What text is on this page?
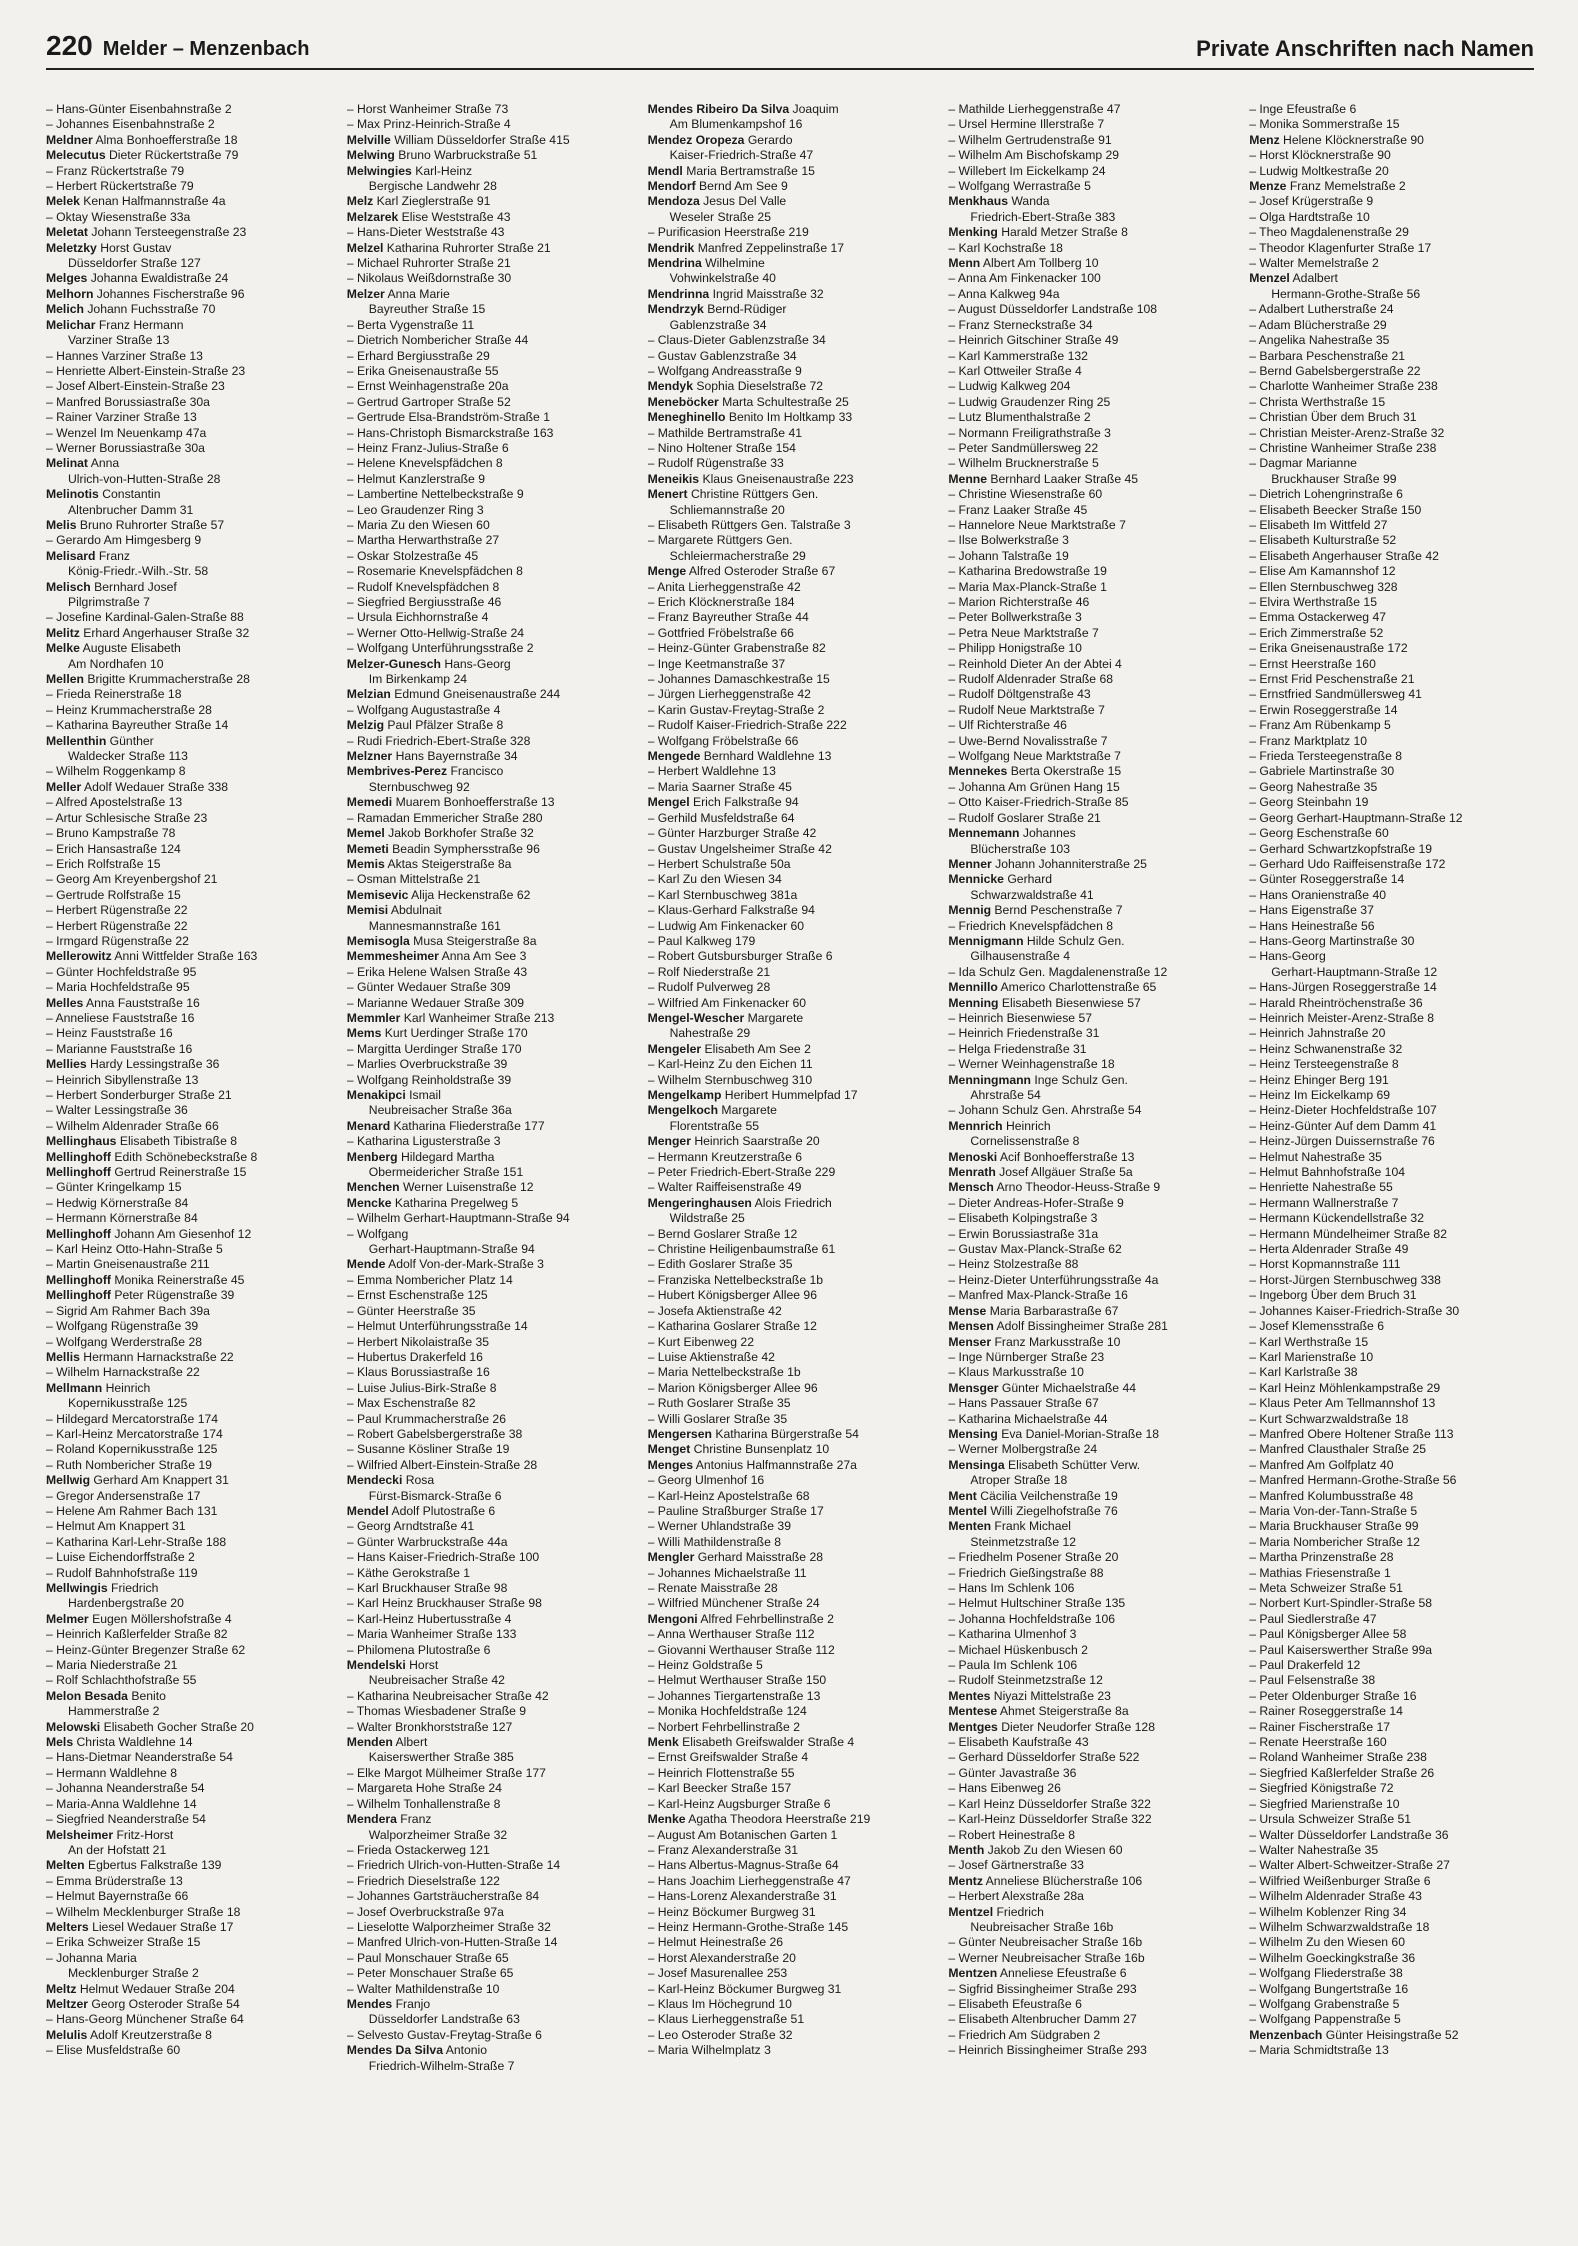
220 Melder – Menzenbach	Private Anschriften nach Namen
– Hans-Günter Eisenbahnstraße 2
– Johannes Eisenbahnstraße 2
Meldner Alma Bonhoefferstraße 18
Melecutus Dieter Rückertstraße 79
– Franz Rückertstraße 79
– Herbert Rückertstraße 79
Melek Kenan Halfmannstraße 4a
– Oktay Wiesenstraße 33a
Meletat Johann Tersteegenstraße 23
Meletzky Horst Gustav
Düsseldorfer Straße 127
Melges Johanna Ewaldistraße 24
Melhorn Johannes Fischerstraße 96
Melich Johann Fuchsstraße 70
Melichar Franz Hermann
Varziner Straße 13
– Hannes Varziner Straße 13
– Henriette Albert-Einstein-Straße 23
– Josef Albert-Einstein-Straße 23
– Manfred Borussiastraße 30a
– Rainer Varziner Straße 13
– Wenzel Im Neuenkamp 47a
– Werner Borussiastraße 30a
Melinat Anna
Ulrich-von-Hutten-Straße 28
Melinotis Constantin
Altenbrucher Damm 31
Melis Bruno Ruhrorter Straße 57
– Gerardo Am Himgesberg 9
Melisard Franz
König-Friedr.-Wilh.-Str. 58
Melisch Bernhard Josef
Pilgrimstraße 7
– Josefine Kardinal-Galen-Straße 88
Melitz Erhard Angerhauser Straße 32
Melke Auguste Elisabeth
Am Nordhafen 10
Mellen Brigitte Krummacherstraße 28
– Frieda Reinerstraße 18
– Heinz Krummacherstraße 28
– Katharina Bayreuther Straße 14
Mellenthin Günther
Waldecker Straße 113
– Wilhelm Roggenkamp 8
Meller Adolf Wedauer Straße 338
– Alfred Apostelstraße 13
– Artur Schlesische Straße 23
– Bruno Kampstraße 78
– Erich Hansastraße 124
– Erich Rolfstraße 15
– Georg Am Kreyenbergshof 21
– Gertrude Rolfstraße 15
– Herbert Rügenstraße 22
– Herbert Rügenstraße 22
– Irmgard Rügenstraße 22
Mellerowitz Anni Wittfelder Straße 163
– Günter Hochfeldstraße 95
– Maria Hochfeldstraße 95
Melles Anna Fauststraße 16
– Anneliese Fauststraße 16
– Heinz Fauststraße 16
– Marianne Fauststraße 16
Mellies Hardy Lessingstraße 36
– Heinrich Sibyllenstraße 13
– Herbert Sonderburger Straße 21
– Walter Lessingstraße 36
– Wilhelm Aldenrader Straße 66
Mellinghaus Elisabeth Tibistraße 8
Mellinghoff Edith Schönebeckstraße 8
Mellinghoff Gertrud Reinerstraße 15
– Günter Kringelkamp 15
– Hedwig Körnerstraße 84
– Hermann Körnerstraße 84
Mellinghoff Johann Am Giesenhof 12
– Karl Heinz Otto-Hahn-Straße 5
– Martin Gneisenaustraße 211
Mellinghoff Monika Reinerstraße 45
Mellinghoff Peter Rügenstraße 39
– Sigrid Am Rahmer Bach 39a
– Wolfgang Rügenstraße 39
– Wolfgang Werderstraße 28
Mellis Hermann Harnackstraße 22
– Wilhelm Harnackstraße 22
Mellmann Heinrich
Kopernikusstraße 125
– Hildegard Mercatorstraße 174
– Karl-Heinz Mercatorstraße 174
– Roland Kopernikusstraße 125
– Ruth Nombericher Straße 19
Mellwig Gerhard Am Knappert 31
– Gregor Andersenstraße 17
– Helene Am Rahmer Bach 131
– Helmut Am Knappert 31
– Katharina Karl-Lehr-Straße 188
– Luise Eichendorffstraße 2
– Rudolf Bahnhofstraße 119
Mellwingis Friedrich
Hardenbergstraße 20
Melmer Eugen Möllershofstraße 4
– Heinrich Kaßlerfelder Straße 82
– Heinz-Günter Bregenzer Straße 62
– Maria Niederstraße 21
– Rolf Schlachthofstraße 55
Melon Besada Benito
Hammerstraße 2
Melowski Elisabeth Gocher Straße 20
Mels Christa Waldlehne 14
– Hans-Dietmar Neanderstraße 54
– Hermann Waldlehne 8
– Johanna Neanderstraße 54
– Maria-Anna Waldlehne 14
– Siegfried Neanderstraße 54
Melsheimer Fritz-Horst
An der Hofstatt 21
Melten Egbertus Falkstraße 139
– Emma Brüderstraße 13
– Helmut Bayernstraße 66
– Wilhelm Mecklenburger Straße 18
Melters Liesel Wedauer Straße 17
– Erika Schweizer Straße 15
– Johanna Maria
Mecklenburger Straße 2
Meltz Helmut Wedauer Straße 204
Meltzer Georg Osteroder Straße 54
– Hans-Georg Münchener Straße 64
Melulis Adolf Kreutzerstraße 8
– Elise Musfeldstraße 60
– Horst Wanheimer Straße 73
– Max Prinz-Heinrich-Straße 4
Melville William Düsseldorfer Straße 415
Melwing Bruno Warbruckstraße 51
Melwingies Karl-Heinz
Bergische Landwehr 28
Melz Karl Zieglerstraße 91
Melzarek Elise Weststraße 43
– Hans-Dieter Weststraße 43
Melzel Katharina Ruhrorter Straße 21
– Michael Ruhrorter Straße 21
– Nikolaus Weißdornstraße 30
Melzer Anna Marie
Bayreuther Straße 15
– Berta Vygenstraße 11
– Dietrich Nombericher Straße 44
– Erhard Bergiusstraße 29
– Erika Gneisenaustraße 55
– Ernst Weinhagenstraße 20a
– Gertrud Gartroper Straße 52
– Gertrude Elsa-Brandström-Straße 1
– Hans-Christoph Bismarckstraße 163
– Heinz Franz-Julius-Straße 6
– Helene Knevelspfädchen 8
– Helmut Kanzlerstraße 9
– Lambertine Nettelbeckstraße 9
– Leo Graudenzer Ring 3
– Maria Zu den Wiesen 60
– Martha Herwarthstraße 27
– Oskar Stolzestraße 45
– Rosemarie Knevelspfädchen 8
– Rudolf Knevelspfädchen 8
– Siegfried Bergiusstraße 46
– Ursula Eichhornstraße 4
– Werner Otto-Hellwig-Straße 24
– Wolfgang Unterführungsstraße 2
Melzer-Gunesch Hans-Georg
Im Birkenkamp 24
Melzian Edmund Gneisenaustraße 244
– Wolfgang Augustastraße 4
Melzig Paul Pfälzer Straße 8
– Rudi Friedrich-Ebert-Straße 328
Melzner Hans Bayernstraße 34
Membrives-Perez Francisco
Sternbuschweg 92
Memedi Muarem Bonhoefferstraße 13
– Ramadan Emmericher Straße 280
Memel Jakob Borkhofer Straße 32
Memeti Beadin Symphersstraße 96
Memis Aktas Steigerstraße 8a
– Osman Mittelstraße 21
Memisevic Alija Heckenstraße 62
Memisi Abdulnait
Mannesmannstraße 161
Memisogla Musa Steigerstraße 8a
Memmesheimer Anna Am See 3
– Erika Helene Walsen Straße 43
– Günter Wedauer Straße 309
– Marianne Wedauer Straße 309
Memmler Karl Wanheimer Straße 213
Mems Kurt Uerdinger Straße 170
– Margitta Uerdinger Straße 170
– Marlies Overbruckstraße 39
– Wolfgang Reinholdstraße 39
Menakipci Ismail
Neubreisacher Straße 36a
Menard Katharina Fliederstraße 177
– Katharina Ligusterstraße 3
Menberg Hildegard Martha
Obermeidericher Straße 151
Menchen Werner Luisenstraße 12
Mencke Katharina Pregelweg 5
– Wilhelm Gerhart-Hauptmann-Straße 94
– Wolfgang
Gerhart-Hauptmann-Straße 94
Mende Adolf Von-der-Mark-Straße 3
– Emma Nombericher Platz 14
– Ernst Eschenstraße 125
– Günter Heerstraße 35
– Helmut Unterführungsstraße 14
– Herbert Nikolaistraße 35
– Hubertus Drakerfeld 16
– Klaus Borussiastraße 16
– Luise Julius-Birk-Straße 8
– Max Eschenstraße 82
– Paul Krummacherstraße 26
– Robert Gabelsbergerstraße 38
– Susanne Kösliner Straße 19
– Wilfried Albert-Einstein-Straße 28
Mendecki Rosa
Fürst-Bismarck-Straße 6
Mendel Adolf Plutostraße 6
– Georg Arndtstraße 41
– Günter Warbruckstraße 44a
– Hans Kaiser-Friedrich-Straße 100
– Käthe Gerokstraße 1
– Karl Bruckhauser Straße 98
– Karl Heinz Bruckhauser Straße 98
– Karl-Heinz Hubertusstraße 4
– Maria Wanheimer Straße 133
– Philomena Plutostraße 6
Mendelski Horst
Neubreisacher Straße 42
– Katharina Neubreisacher Straße 42
– Thomas Wiesbadener Straße 9
– Walter Bronkhorststraße 127
Menden Albert
Kaiserswerther Straße 385
– Elke Margot Mülheimer Straße 177
– Margareta Hohe Straße 24
– Wilhelm Tonhallenstraße 8
Mendera Franz
Walporzheimer Straße 32
– Frieda Ostackerweg 121
– Friedrich Ulrich-von-Hutten-Straße 14
– Friedrich Dieselstraße 122
– Johannes Gartsträucherstraße 84
– Josef Overbruckstraße 97a
– Lieselotte Walporzheimer Straße 32
– Manfred Ulrich-von-Hutten-Straße 14
– Paul Monschauer Straße 65
– Peter Monschauer Straße 65
– Walter Mathildenstraße 10
Mendes Franjo
Düsseldorfer Landstraße 63
– Selvesto Gustav-Freytag-Straße 6
Mendes Da Silva Antonio
Friedrich-Wilhelm-Straße 7
Mendes Ribeiro Da Silva Joaquim
Am Blumenkampshof 16
Mendez Oropeza Gerardo
Kaiser-Friedrich-Straße 47
Mendl Maria Bertramstraße 15
Mendorf Bernd Am See 9
Mendoza Jesus Del Valle
Weseler Straße 25
– Purificasion Heerstraße 219
Mendrik Manfred Zeppelinstraße 17
Mendrina Wilhelmine
Vohwinkelstraße 40
Mendrinna Ingrid Maisstraße 32
Mendrzyk Bernd-Rüdiger
Gablenzstraße 34
– Claus-Dieter Gablenzstraße 34
– Gustav Gablenzstraße 34
– Wolfgang Andreasstraße 9
Mendyk Sophia Dieselstraße 72
Meneböcker Marta Schultestraße 25
Meneghinello Benito Im Holtkamp 33
– Mathilde Bertramstraße 41
– Nino Holtener Straße 154
– Rudolf Rügenstraße 33
Meneikis Klaus Gneisenaustraße 223
Menert Christine Rüttgers Gen.
Schliemannstraße 20
– Elisabeth Rüttgers Gen. Talstraße 3
– Margarete Rüttgers Gen.
Schleiermacherstraße 29
Menge Alfred Osteroder Straße 67
– Anita Lierheggenstraße 42
– Erich Klöcknerstraße 184
– Franz Bayreuther Straße 44
– Gottfried Fröbelstraße 66
– Heinz-Günter Grabenstraße 82
– Inge Keetmanstraße 37
– Johannes Damaschkestraße 15
– Jürgen Lierheggenstraße 42
– Karin Gustav-Freytag-Straße 2
– Rudolf Kaiser-Friedrich-Straße 222
– Wolfgang Fröbelstraße 66
Mengede Bernhard Waldlehne 13
– Herbert Waldlehne 13
– Maria Saarner Straße 45
Mengel Erich Falkstraße 94
– Gerhild Musfeldstraße 64
– Günter Harzburger Straße 42
– Gustav Ungelsheimer Straße 42
– Herbert Schulstraße 50a
– Karl Zu den Wiesen 34
– Karl Sternbuschweg 381a
– Klaus-Gerhard Falkstraße 94
– Ludwig Am Finkenacker 60
– Paul Kalkweg 179
– Robert Gutsbursburger Straße 6
– Rolf Niederstraße 21
– Rudolf Pulverweg 28
– Wilfried Am Finkenacker 60
Mengel-Wescher Margarete
Nahestraße 29
Mengeler Elisabeth Am See 2
– Karl-Heinz Zu den Eichen 11
– Wilhelm Sternbuschweg 310
Mengelkamp Heribert Hummelpfad 17
Mengelkoch Margarete
Florentstraße 55
Menger Heinrich Saarstraße 20
– Hermann Kreutzerstraße 6
– Peter Friedrich-Ebert-Straße 229
– Walter Raiffeisenstraße 49
Mengeringhausen Alois Friedrich
Wildstraße 25
– Bernd Goslarer Straße 12
– Christine Heiligenbaumstraße 61
– Edith Goslarer Straße 35
– Franziska Nettelbeckstraße 1b
– Hubert Königsberger Allee 96
– Josefa Aktienstraße 42
– Katharina Goslarer Straße 12
– Kurt Eibenweg 22
– Luise Aktienstraße 42
– Maria Nettelbeckstraße 1b
– Marion Königsberger Allee 96
– Ruth Goslarer Straße 35
– Willi Goslarer Straße 35
Mengersen Katharina Bürgerstraße 54
Menget Christine Bunsenplatz 10
Menges Antonius Halfmannstraße 27a
– Georg Ulmenhof 16
– Karl-Heinz Apostelstraße 68
– Pauline Straßburger Straße 17
– Werner Uhlandstraße 39
– Willi Mathildenstraße 8
Mengler Gerhard Maisstraße 28
– Johannes Michaelstraße 11
– Renate Maisstraße 28
– Wilfried Münchener Straße 24
Mengoni Alfred Fehrbellinstraße 2
– Anna Werthauser Straße 112
– Giovanni Werthauser Straße 112
– Heinz Goldstraße 5
– Helmut Werthauser Straße 150
– Johannes Tiergartenstraße 13
– Monika Hochfeldstraße 124
– Norbert Fehrbellinstraße 2
Menk Elisabeth Greifswalder Straße 4
– Ernst Greifswalder Straße 4
– Heinrich Flottenstraße 55
– Karl Beecker Straße 157
– Karl-Heinz Augsburger Straße 6
Menke Agatha Theodora Heerstraße 219
– August Am Botanischen Garten 1
– Franz Alexanderstraße 31
– Hans Albertus-Magnus-Straße 64
– Hans Joachim Lierheggenstraße 47
– Hans-Lorenz Alexanderstraße 31
– Heinz Böckumer Burgweg 31
– Heinz Hermann-Grothe-Straße 145
– Helmut Heinestraße 26
– Horst Alexanderstraße 20
– Josef Masurenallee 253
– Karl-Heinz Böckumer Burgweg 31
– Klaus Im Höchegrund 10
– Klaus Lierheggenstraße 51
– Leo Osteroder Straße 32
– Maria Wilhelmplatz 3
– Mathilde Lierheggenstraße 47
– Ursel Hermine Illerstraße 7
– Wilhelm Gertrudenstraße 91
– Wilhelm Am Bischofskamp 29
– Willebert Im Eickelkamp 24
– Wolfgang Werrastraße 5
Menkhaus Wanda
Friedrich-Ebert-Straße 383
Menking Harald Metzer Straße 8
– Karl Kochstraße 18
Menn Albert Am Tollberg 10
– Anna Am Finkenacker 100
– Anna Kalkweg 94a
– August Düsseldorfer Landstraße 108
– Franz Sterneckstraße 34
– Heinrich Gitschiner Straße 49
– Karl Kammerstraße 132
– Karl Ottweiler Straße 4
– Ludwig Kalkweg 204
– Ludwig Graudenzer Ring 25
– Lutz Blumenthalstraße 2
– Normann Freiligrathstraße 3
– Peter Sandmüllersweg 22
– Wilhelm Brucknerstraße 5
Menne Bernhard Laaker Straße 45
– Christine Wiesenstraße 60
– Franz Laaker Straße 45
– Hannelore Neue Marktstraße 7
– Ilse Bolwerkstraße 3
– Johann Talstraße 19
– Katharina Bredowstraße 19
– Maria Max-Planck-Straße 1
– Marion Richterstraße 46
– Peter Bollwerkstraße 3
– Petra Neue Marktstraße 7
– Philipp Honigstraße 10
– Reinhold Dieter An der Abtei 4
– Rudolf Aldenrader Straße 68
– Rudolf Döltgenstraße 43
– Rudolf Neue Marktstraße 7
– Ulf Richterstraße 46
– Uwe-Bernd Novalisstraße 7
– Wolfgang Neue Marktstraße 7
Mennekes Berta Okerstraße 15
– Johanna Am Grünen Hang 15
– Otto Kaiser-Friedrich-Straße 85
– Rudolf Goslarer Straße 21
Mennemann Johannes
Blücherstraße 103
Menner Johann Johanniterstraße 25
Mennicke Gerhard
Schwarzwaldstraße 41
Mennig Bernd Peschenstraße 7
– Friedrich Knevelspfädchen 8
Mennigmann Hilde Schulz Gen.
Gilhausenstraße 4
– Ida Schulz Gen. Magdalenenstraße 12
Mennillo Americo Charlottenstraße 65
Menning Elisabeth Biesenwiese 57
– Heinrich Biesenwiese 57
– Heinrich Friedenstraße 31
– Helga Friedenstraße 31
– Werner Weinhagenstraße 18
Menningmann Inge Schulz Gen.
Ahrstraße 54
– Johann Schulz Gen. Ahrstraße 54
Mennrich Heinrich
Cornelissenstraße 8
Menoski Acif Bonhoefferstraße 13
Menrath Josef Allgäuer Straße 5a
Mensch Arno Theodor-Heuss-Straße 9
– Dieter Andreas-Hofer-Straße 9
– Elisabeth Kolpingstraße 3
– Erwin Borussiastraße 31a
– Gustav Max-Planck-Straße 62
– Heinz Stolzestraße 88
– Heinz-Dieter Unterführungsstraße 4a
– Manfred Max-Planck-Straße 16
Mense Maria Barbarastraße 67
Mensen Adolf Bissingheimer Straße 281
Menser Franz Markusstraße 10
– Inge Nürnberger Straße 23
– Klaus Markusstraße 10
Mensger Günter Michaelstraße 44
– Hans Passauer Straße 67
– Katharina Michaelstraße 44
Mensing Eva Daniel-Morian-Straße 18
– Werner Molbergstraße 24
Mensinga Elisabeth Schütter Verw.
Atroper Straße 18
Ment Cäcilia Veilchenstraße 19
Mentel Willi Ziegelhofstraße 76
Menten Frank Michael
Steinmetzstraße 12
– Friedhelm Posener Straße 20
– Friedrich Gießingstraße 88
– Hans Im Schlenk 106
– Helmut Hultschiner Straße 135
– Johanna Hochfeldstraße 106
– Katharina Ulmenhof 3
– Michael Hüskenbusch 2
– Paula Im Schlenk 106
– Rudolf Steinmetzstraße 12
Mentes Niyazi Mittelstraße 23
Mentese Ahmet Steigerstraße 8a
Mentges Dieter Neudorfer Straße 128
– Elisabeth Kaufstraße 43
– Gerhard Düsseldorfer Straße 522
– Günter Javastraße 36
– Hans Eibenweg 26
– Karl Heinz Düsseldorfer Straße 322
– Karl-Heinz Düsseldorfer Straße 322
– Robert Heinestraße 8
Menth Jakob Zu den Wiesen 60
– Josef Gärtnerstraße 33
Mentz Anneliese Blücherstraße 106
– Herbert Alexstraße 28a
Mentzel Friedrich
Neubreisacher Straße 16b
– Günter Neubreisacher Straße 16b
– Werner Neubreisacher Straße 16b
Mentzen Anneliese Efeustraße 6
– Sigfrid Bissingheimer Straße 293
– Elisabeth Efeustraße 6
– Elisabeth Altenbrucher Damm 27
– Friedrich Am Südgraben 2
– Heinrich Bissingheimer Straße 293
– Inge Efeustraße 6
– Monika Sommerstraße 15
Menz Helene Klöcknerstraße 90
– Horst Klöcknerstraße 90
– Ludwig Moltkestraße 20
Menze Franz Memelstraße 2
– Josef Krügerstraße 9
– Olga Hardtstraße 10
– Theo Magdalenenstraße 29
– Theodor Klagenfurter Straße 17
– Walter Memelstraße 2
Menzel Adalbert
Hermann-Grothe-Straße 56
– Adalbert Lutherstraße 24
– Adam Blücherstraße 29
– Angelika Nahestraße 35
– Barbara Peschenstraße 21
– Bernd Gabelsbergerstraße 22
– Charlotte Wanheimer Straße 238
– Christa Werthstraße 15
– Christian Über dem Bruch 31
– Christian Meister-Arenz-Straße 32
– Christine Wanheimer Straße 238
– Dagmar Marianne
Bruckhauser Straße 99
– Dietrich Lohengrinstraße 6
– Elisabeth Beecker Straße 150
– Elisabeth Im Wittfeld 27
– Elisabeth Kulturstraße 52
– Elisabeth Angerhauser Straße 42
– Elise Am Kamannshof 12
– Ellen Sternbuschweg 328
– Elvira Werthstraße 15
– Emma Ostackerweg 47
– Erich Zimmerstraße 52
– Erika Gneisenaustraße 172
– Ernst Heerstraße 160
– Ernst Frid Peschenstraße 21
– Ernstfried Sandmüllersweg 41
– Erwin Roseggerstraße 14
– Franz Am Rübenkamp 5
– Franz Marktplatz 10
– Frieda Tersteegenstraße 8
– Gabriele Martinstraße 30
– Georg Nahestraße 35
– Georg Steinbahn 19
– Georg Gerhart-Hauptmann-Straße 12
– Georg Eschenstraße 60
– Gerhard Schwartzkopfstraße 19
– Gerhard Udo Raiffeisenstraße 172
– Günter Roseggerstraße 14
– Hans Oranienstraße 40
– Hans Eigenstraße 37
– Hans Heinestraße 56
– Hans-Georg Martinstraße 30
– Hans-Georg
Gerhart-Hauptmann-Straße 12
– Hans-Jürgen Roseggerstraße 14
– Harald Rheintröchenstraße 36
– Heinrich Meister-Arenz-Straße 8
– Heinrich Jahnstraße 20
– Heinz Schwanenstraße 32
– Heinz Tersteegenstraße 8
– Heinz Ehinger Berg 191
– Heinz Im Eickelkamp 69
– Heinz-Dieter Hochfeldstraße 107
– Heinz-Günter Auf dem Damm 41
– Heinz-Jürgen Duissernstraße 76
– Helmut Nahestraße 35
– Helmut Bahnhofstraße 104
– Henriette Nahestraße 55
– Hermann Wallnerstraße 7
– Hermann Kückendellstraße 32
– Hermann Mündelheimer Straße 82
– Herta Aldenrader Straße 49
– Horst Kopmannstraße 111
– Horst-Jürgen Sternbuschweg 338
– Ingeborg Über dem Bruch 31
– Johannes Kaiser-Friedrich-Straße 30
– Josef Klemensstraße 6
– Karl Werthstraße 15
– Karl Marienstraße 10
– Karl Karlstraße 38
– Karl Heinz Möhlenkampstraße 29
– Klaus Peter Am Tellmannshof 13
– Kurt Schwarzwaldstraße 18
– Manfred Obere Holtener Straße 113
– Manfred Clausthaler Straße 25
– Manfred Am Golfplatz 40
– Manfred Hermann-Grothe-Straße 56
– Manfred Kolumbusstraße 48
– Maria Von-der-Tann-Straße 5
– Maria Bruckhauser Straße 99
– Maria Nombericher Straße 12
– Martha Prinzenstraße 28
– Mathias Friesenstraße 1
– Meta Schweizer Straße 51
– Norbert Kurt-Spindler-Straße 58
– Paul Siedlerstraße 47
– Paul Königsberger Allee 58
– Paul Kaiserswerther Straße 99a
– Paul Drakerfeld 12
– Paul Felsenstraße 38
– Peter Oldenburger Straße 16
– Rainer Roseggerstraße 14
– Rainer Fischerstraße 17
– Renate Heerstraße 160
– Roland Wanheimer Straße 238
– Siegfried Kaßlerfelder Straße 26
– Siegfried Königstraße 72
– Siegfried Marienstraße 10
– Ursula Schweizer Straße 51
– Walter Düsseldorfer Landstraße 36
– Walter Nahestraße 35
– Walter Albert-Schweitzer-Straße 27
– Wilfried Weißenburger Straße 6
– Wilhelm Aldenrader Straße 43
– Wilhelm Koblenzer Ring 34
– Wilhelm Schwarzwaldstraße 18
– Wilhelm Zu den Wiesen 60
– Wilhelm Goeckingkstraße 36
– Wolfgang Fliederstraße 38
– Wolfgang Bungertstraße 16
– Wolfgang Grabenstraße 5
– Wolfgang Pappenstraße 5
Menzenbach Günter Heisingstraße 52
– Maria Schmidtstraße 13
